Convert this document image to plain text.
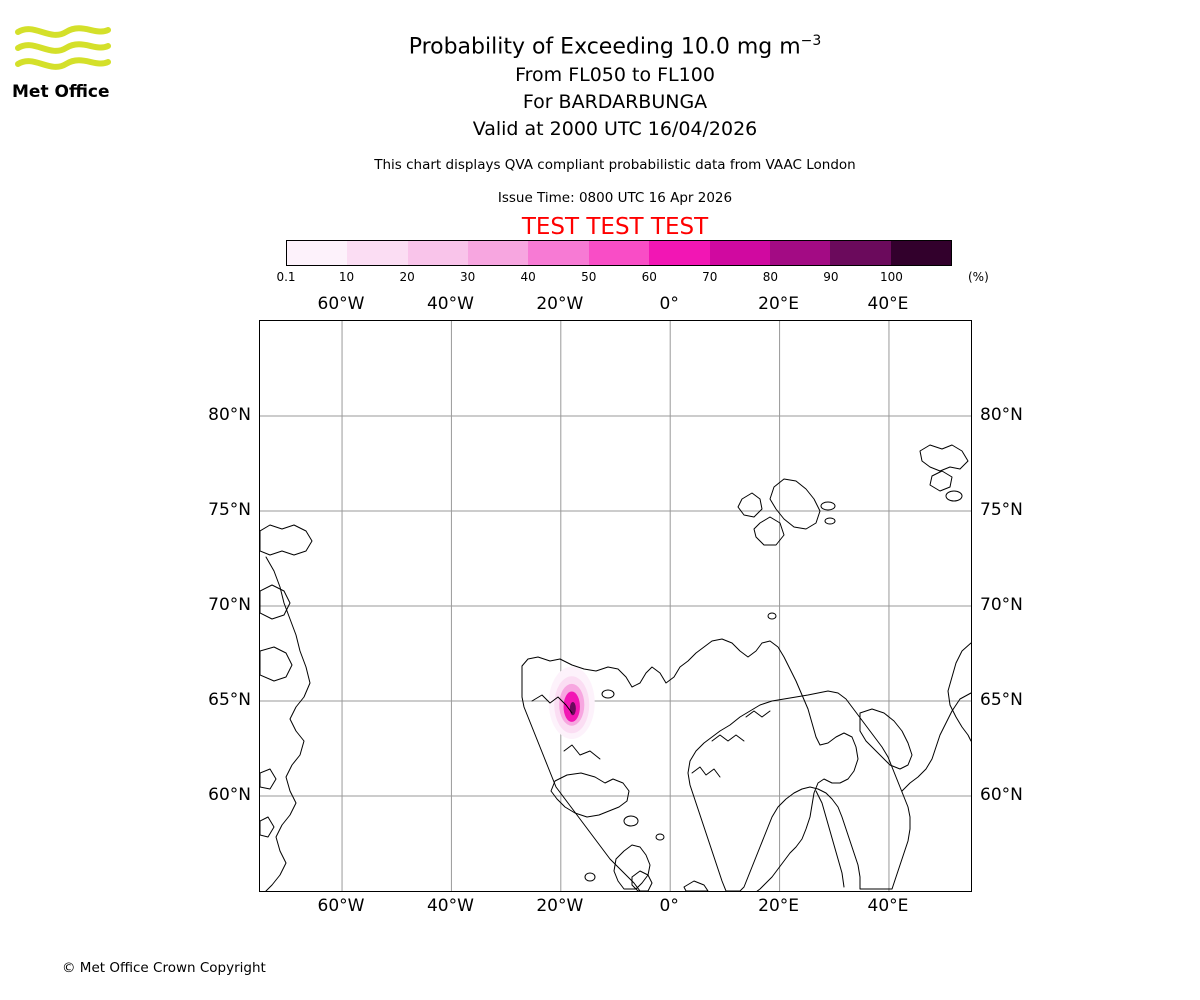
Met Office
Probability of Exceeding 10.0 mg $m^{-3}$
From FL050 to FL100
For BARDARBUNGA
Valid at 2000 UTC 16/04/2026
This chart displays QVA compliant probabilistic data from VAAC London
Issue Time: 0800 UTC 16 Apr 2026
TEST TEST TEST
0.1	10	20	30	40	50	60	70	80	90	100	(%)
60°W	40°W	20°W	0°	20°E	40°E
60°N
65°N
70°N
75°N
80°N
60°N
65°N
70°N
75°N
80°N
60°W	40°W	20°W	0°	20°E	40°E
© Met Office Crown Copyright
